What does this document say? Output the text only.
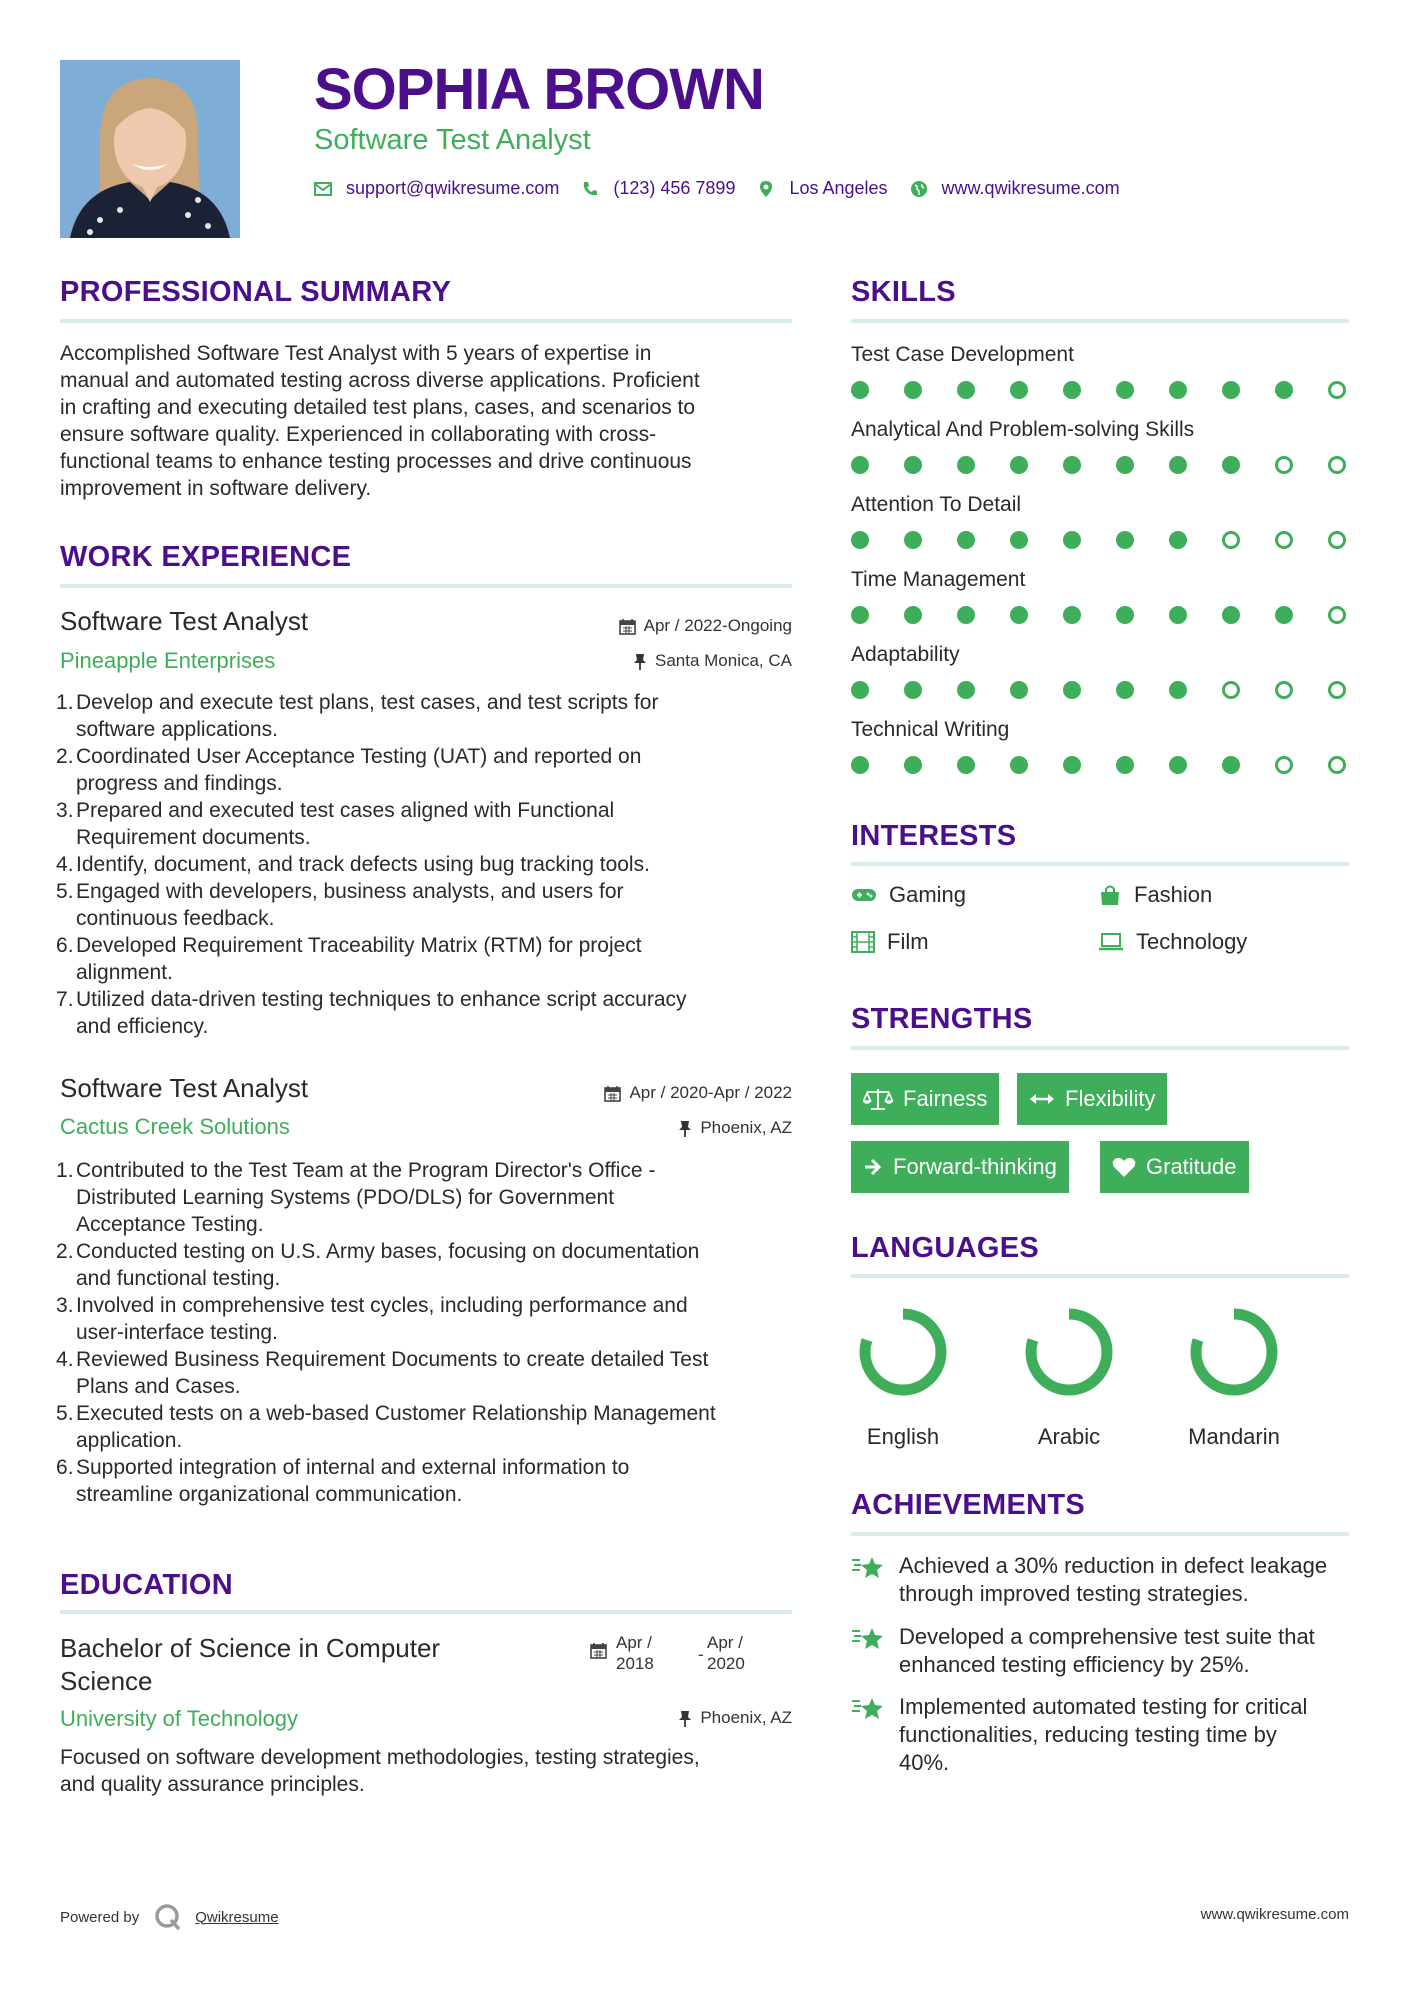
SOPHIA BROWN
Software Test Analyst
support@qwikresume.com	(123) 456 7899	Los Angeles	www.qwikresume.com
PROFESSIONAL SUMMARY
Accomplished Software Test Analyst with 5 years of expertise in
manual and automated testing across diverse applications. Proficient
in crafting and executing detailed test plans, cases, and scenarios to
ensure software quality. Experienced in collaborating with cross-
functional teams to enhance testing processes and drive continuous
improvement in software delivery.
WORK EXPERIENCE
Software Test Analyst	Apr / 2022-Ongoing
Pineapple Enterprises	Santa Monica, CA
Develop and execute test plans, test cases, and test scripts for
software applications.
Coordinated User Acceptance Testing (UAT) and reported on
progress and findings.
Prepared and executed test cases aligned with Functional
Requirement documents.
Identify, document, and track defects using bug tracking tools.
Engaged with developers, business analysts, and users for
continuous feedback.
Developed Requirement Traceability Matrix (RTM) for project
alignment.
Utilized data-driven testing techniques to enhance script accuracy
and efficiency.
Software Test Analyst	Apr / 2020-Apr / 2022
Cactus Creek Solutions	Phoenix, AZ
Contributed to the Test Team at the Program Director's Office -
Distributed Learning Systems (PDO/DLS) for Government
Acceptance Testing.
Conducted testing on U.S. Army bases, focusing on documentation
and functional testing.
Involved in comprehensive test cycles, including performance and
user-interface testing.
Reviewed Business Requirement Documents to create detailed Test
Plans and Cases.
Executed tests on a web-based Customer Relationship Management
application.
Supported integration of internal and external information to
streamline organizational communication.
EDUCATION
Bachelor of Science in Computer
Science
Apr /
2018	-
Apr /
2020
University of Technology	Phoenix, AZ
Focused on software development methodologies, testing strategies,
and quality assurance principles.
SKILLS
Test Case Development
Analytical And Problem-solving Skills
Attention To Detail
Time Management
Adaptability
Technical Writing
INTERESTS
Gaming	Fashion
Film	Technology
STRENGTHS
Fairness	Flexibility
Forward-thinking	Gratitude
LANGUAGES
English	Arabic	Mandarin
ACHIEVEMENTS
Achieved a 30% reduction in defect leakage
through improved testing strategies.
Developed a comprehensive test suite that
enhanced testing efficiency by 25%.
Implemented automated testing for critical
functionalities, reducing testing time by
40%.
Powered by	Qwikresume	www.qwikresume.com
